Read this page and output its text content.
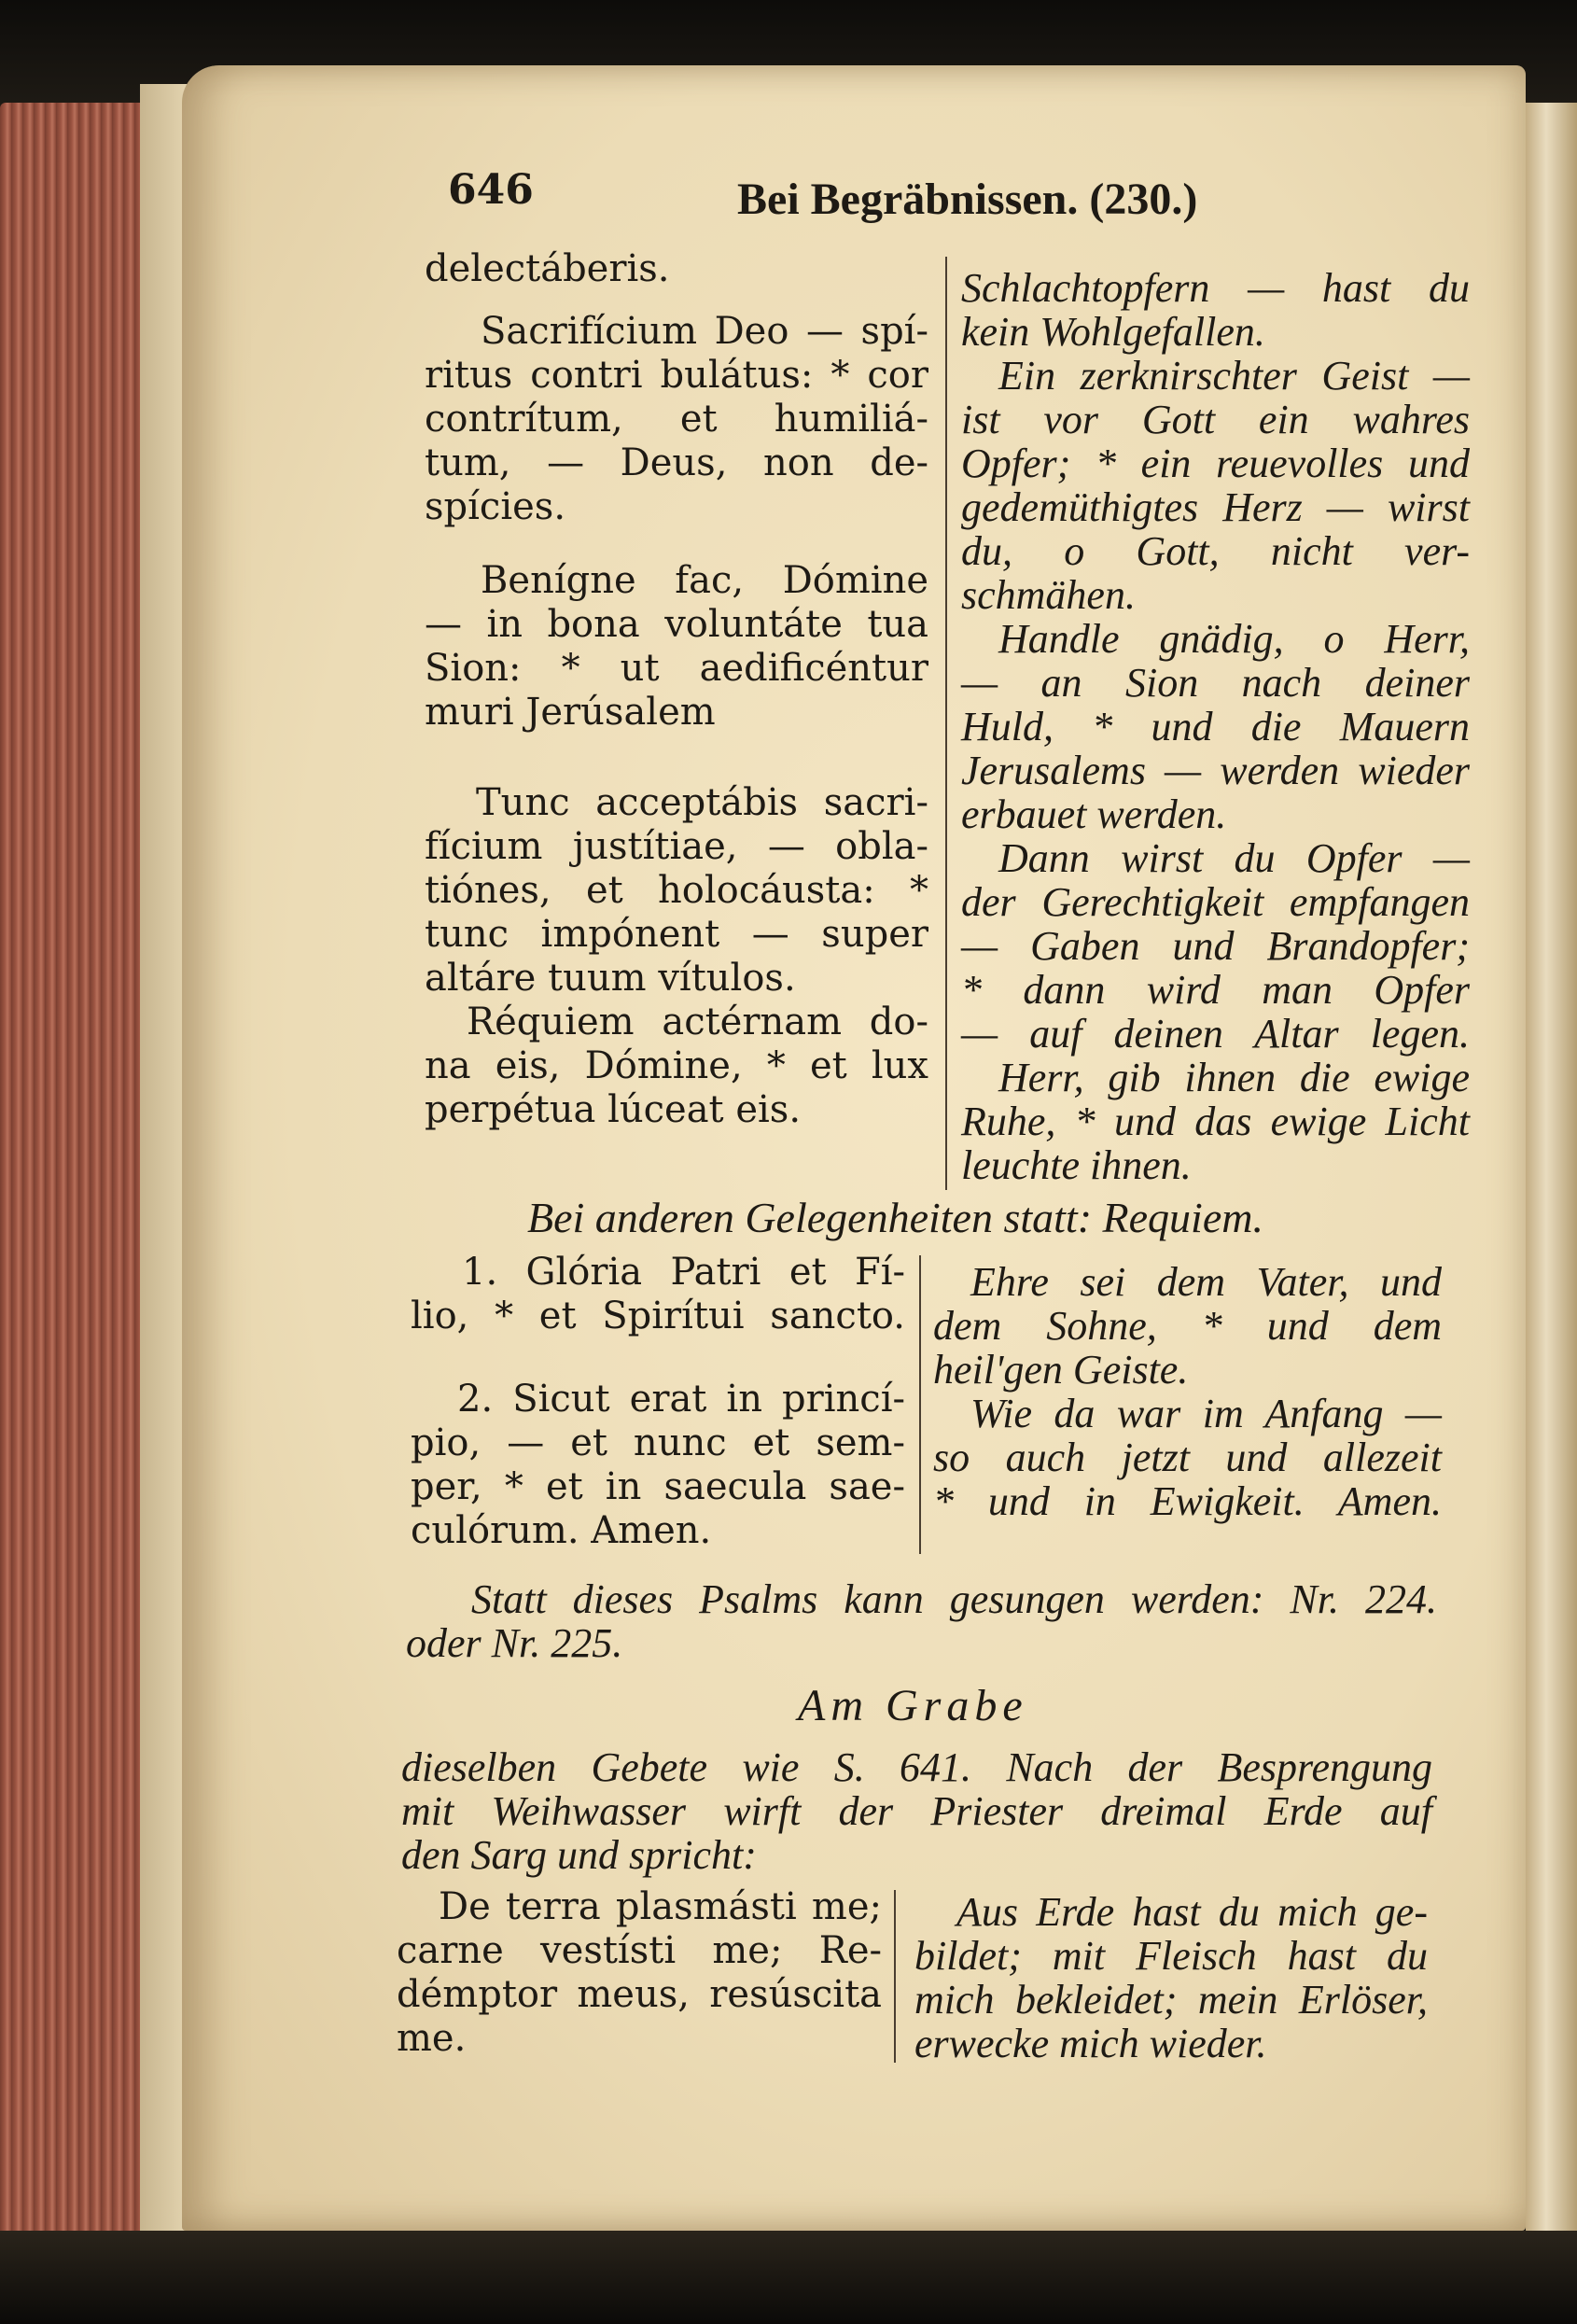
646	Bei Begräbnissen. (230.)
delectáberis.
Sacrifícium Deo — spí-
ritus contri bulátus: * cor
contrítum, et humiliá-
tum, — Deus, non de-
spícies.
Benígne fac, Dómine
— in bona voluntáte tua
Sion: * ut aedificéntur
muri Jerúsalem
Tunc acceptábis sacri-
fícium justítiae, — obla-
tiónes, et holocáusta: *
tunc impónent — super
altáre tuum vítulos.
Réquiem actérnam do-
na eis, Dómine, * et lux
perpétua lúceat eis.
Schlachtopfern — hast du
kein Wohlgefallen.
Ein zerknirschter Geist —
ist vor Gott ein wahres
Opfer; * ein reuevolles und
gedemüthigtes Herz — wirst
du, o Gott, nicht ver-
schmähen.
Handle gnädig, o Herr,
— an Sion nach deiner
Huld, * und die Mauern
Jerusalems — werden wieder
erbauet werden.
Dann wirst du Opfer —
der Gerechtigkeit empfangen
— Gaben und Brandopfer;
* dann wird man Opfer
— auf deinen Altar legen.
Herr, gib ihnen die ewige
Ruhe, * und das ewige Licht
leuchte ihnen.
Bei anderen Gelegenheiten statt: Requiem.
1. Glória Patri et Fí-
lio, * et Spirítui sancto.
2. Sicut erat in princí-
pio, — et nunc et sem-
per, * et in saecula sae-
culórum. Amen.
Ehre sei dem Vater, und
dem Sohne, * und dem
heil'gen Geiste.
Wie da war im Anfang —
so auch jetzt und allezeit
* und in Ewigkeit. Amen.
Statt dieses Psalms kann gesungen werden: Nr. 224.
oder Nr. 225.
Am Grabe
dieselben Gebete wie S. 641. Nach der Besprengung
mit Weihwasser wirft der Priester dreimal Erde auf
den Sarg und spricht:
De terra plasmásti me;
carne vestísti me; Re-
démptor meus, resúscita
me.
Aus Erde hast du mich ge-
bildet; mit Fleisch hast du
mich bekleidet; mein Erlöser,
erwecke mich wieder.
